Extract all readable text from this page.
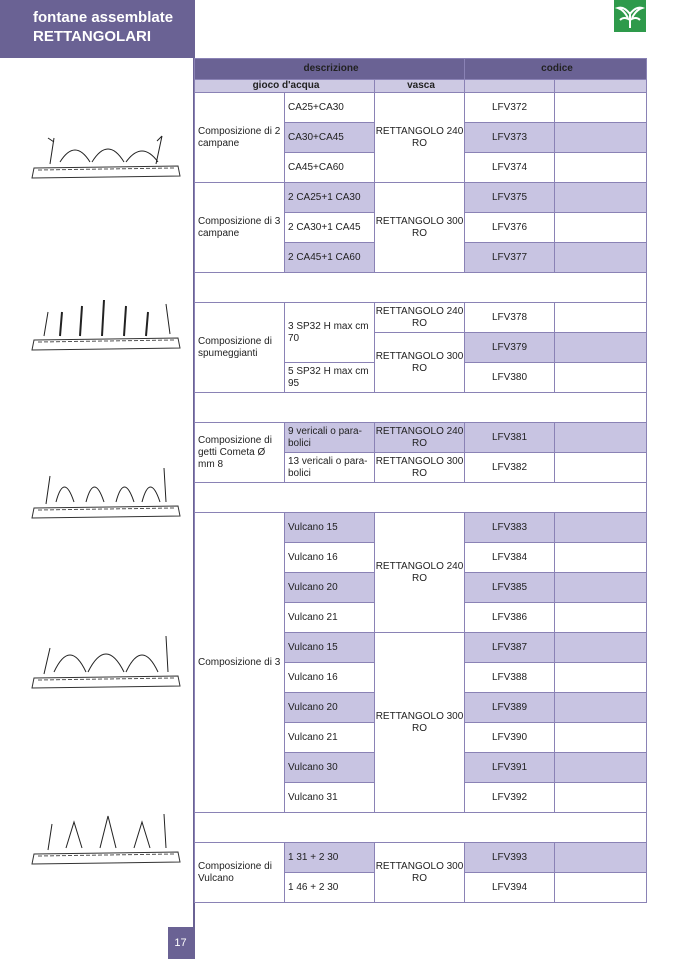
fontane assemblate
RETTANGOLARI
17
descrizione			codice	
gioco d'acqua		vasca		
Composizione di 2 campane	CA25+CA30	RETTANGOLO 240 RO	LFV372	
	CA30+CA45		LFV373	
	CA45+CA60		LFV374	
Composizione di 3 campane	2 CA25+1 CA30	RETTANGOLO 300 RO	LFV375	
	2 CA30+1 CA45		LFV376	
	2 CA45+1 CA60		LFV377	

Composizione di spumeggianti	3 SP32 H max cm 70	RETTANGOLO 240 RO	LFV378	
		RETTANGOLO 300 RO	LFV379	
	5 SP32 H max cm 95		LFV380	

Composizione di getti Cometa Ø mm 8	9 vericali o para-bolici	RETTANGOLO 240 RO	LFV381	
	13 vericali o para-bolici	RETTANGOLO 300 RO	LFV382	

Composizione di 3	Vulcano 15	RETTANGOLO 240 RO	LFV383	
	Vulcano 16		LFV384	
	Vulcano 20		LFV385	
	Vulcano 21		LFV386	
	Vulcano 15	RETTANGOLO 300 RO	LFV387	
	Vulcano 16		LFV388	
	Vulcano 20		LFV389	
	Vulcano 21		LFV390	
	Vulcano 30		LFV391	
	Vulcano 31		LFV392	

Composizione di Vulcano	1 31 + 2 30	RETTANGOLO 300 RO	LFV393	
	1 46 + 2 30		LFV394	
